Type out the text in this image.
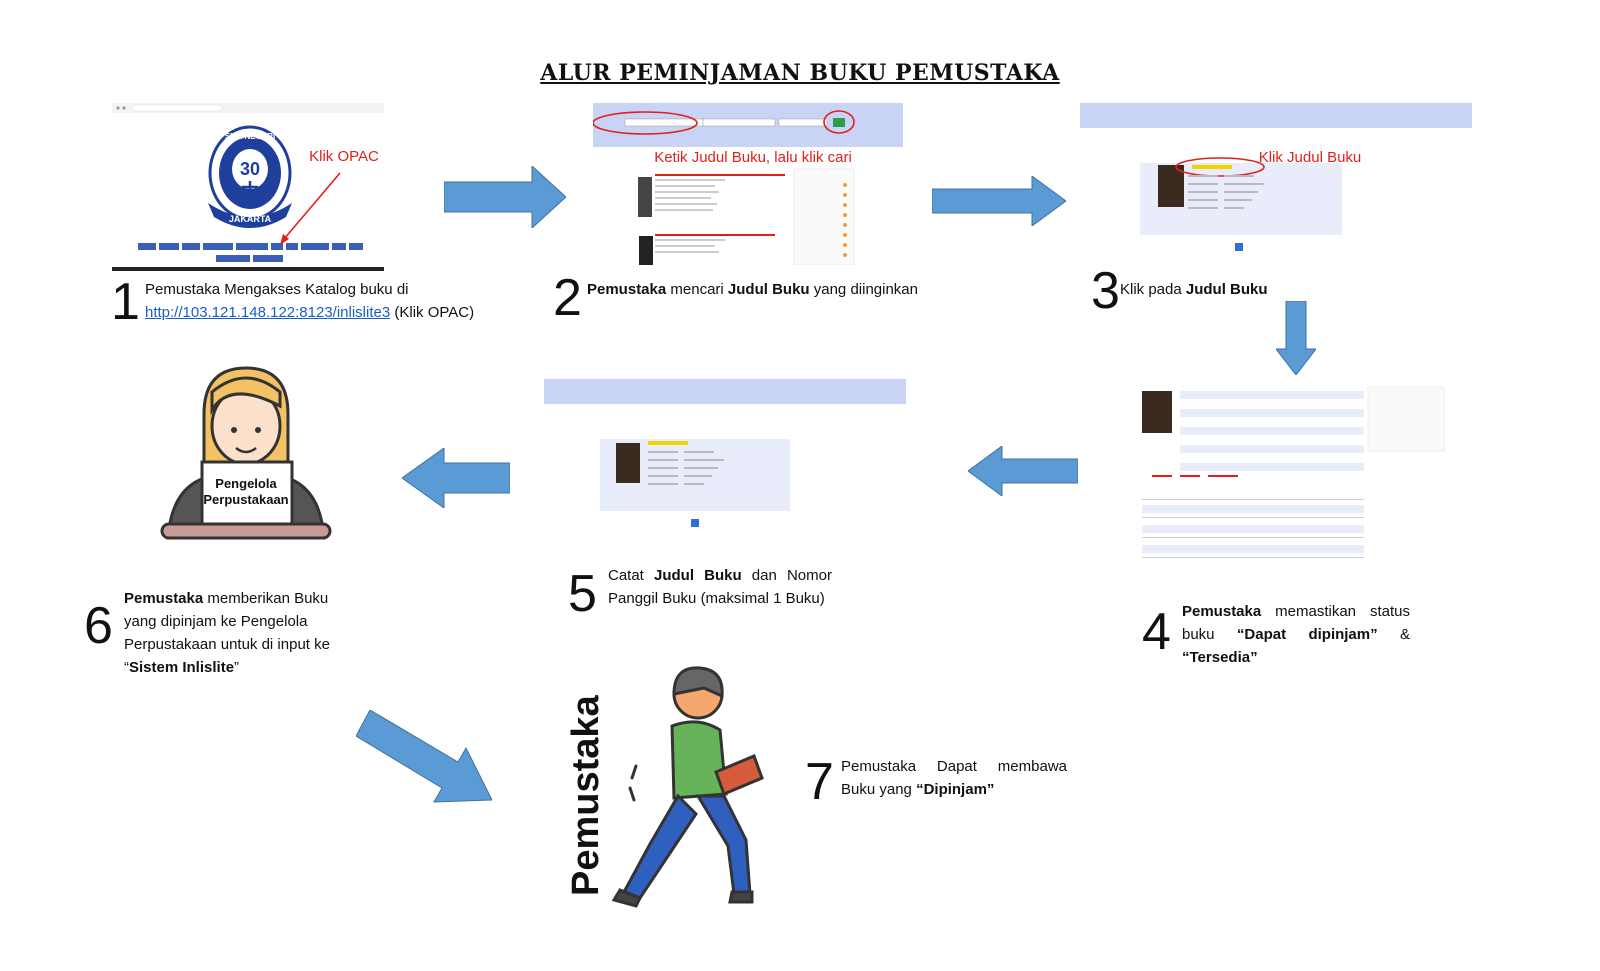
ALUR PEMINJAMAN BUKU PEMUSTAKA
30
JAKARTA
SMA NEGERI
Klik OPAC	Ketik Judul Buku, lalu klik cari	Klik Judul Buku
Pengelola
Perpustakaan
Pemustaka
1 Pemustaka Mengakses Katalog buku di
http://103.121.148.122:8123/inlislite3 (Klik OPAC)	2 Pemustaka mencari Judul Buku yang diinginkan	3 Klik pada Judul Buku
4 Pemustaka memastikan status buku “Dapat dipinjam” & “Tersedia”
5 Catat Judul Buku dan Nomor Panggil Buku (maksimal 1 Buku)
6 Pemustaka memberikan Buku yang dipinjam ke Pengelola Perpustakaan untuk di input ke “Sistem Inlislite”
7 Pemustaka Dapat membawa Buku yang “Dipinjam”
